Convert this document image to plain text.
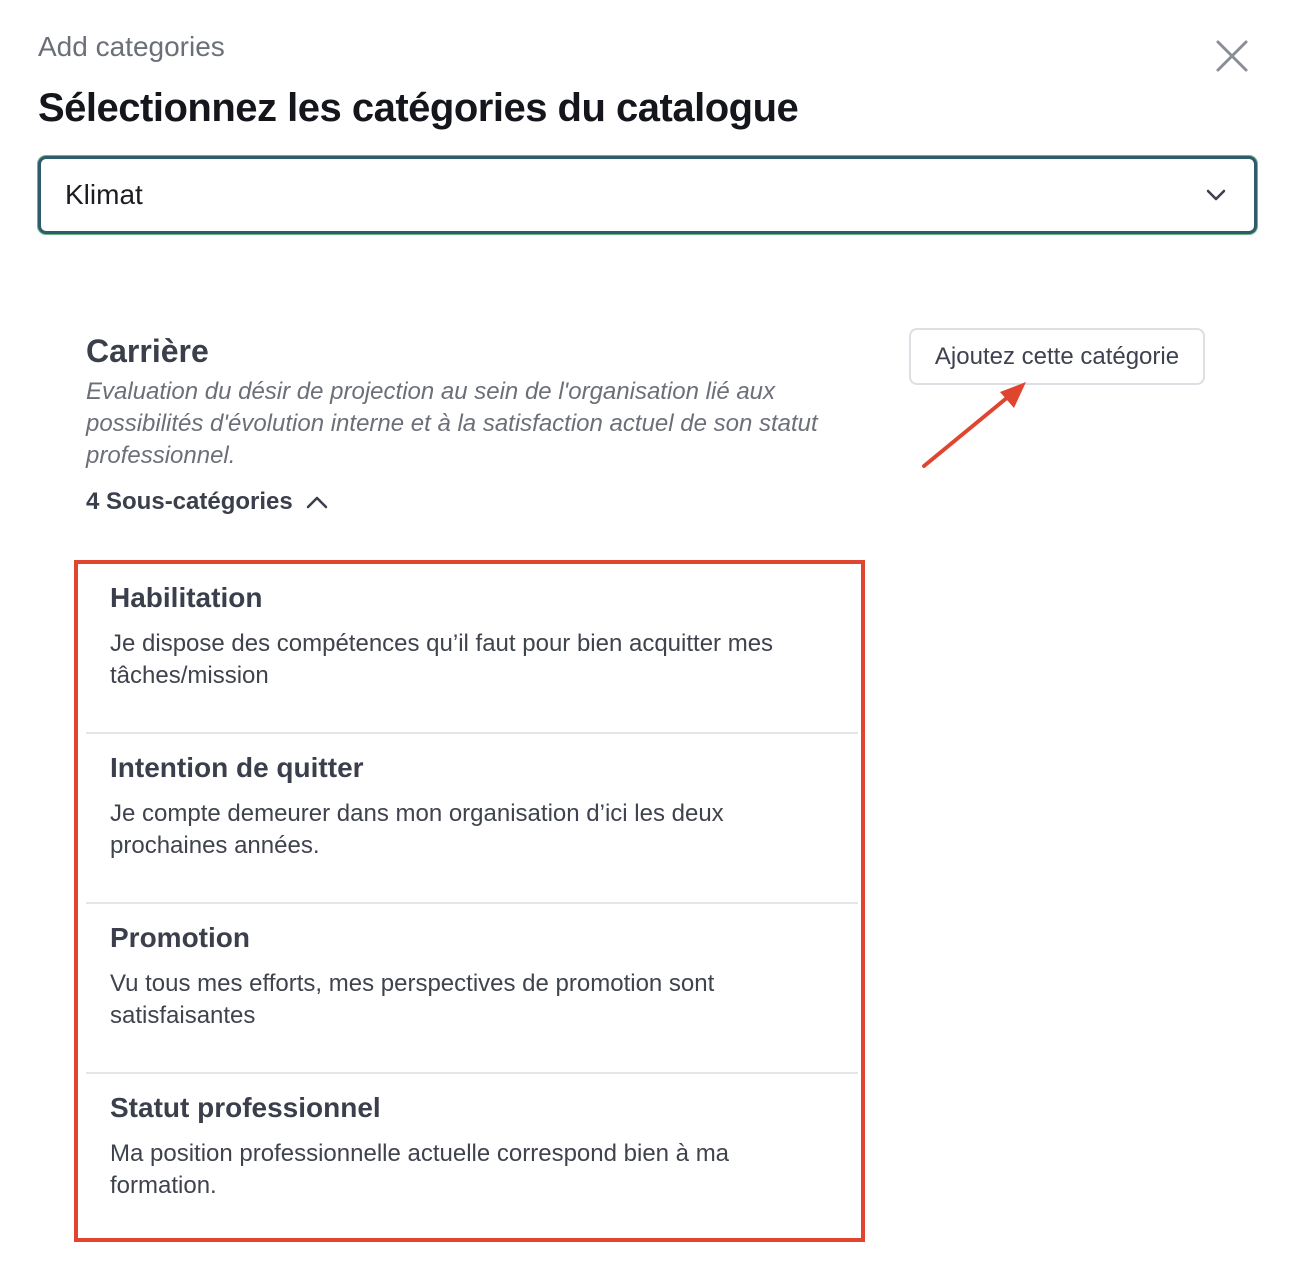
Add categories
Sélectionnez les catégories du catalogue
Klimat
Carrière

Evaluation du désir de projection au sein de l'organisation lié aux possibilités d'évolution interne et à la satisfaction actuel de son statut professionnel.

Ajoutez cette catégorie
4 Sous-catégories
Habilitation

Je dispose des compétences qu’il faut pour bien acquitter mes tâches/mission

Intention de quitter

Je compte demeurer dans mon organisation d’ici les deux prochaines années.

Promotion

Vu tous mes efforts, mes perspectives de promotion sont satisfaisantes

Statut professionnel

Ma position professionnelle actuelle correspond bien à ma formation.
